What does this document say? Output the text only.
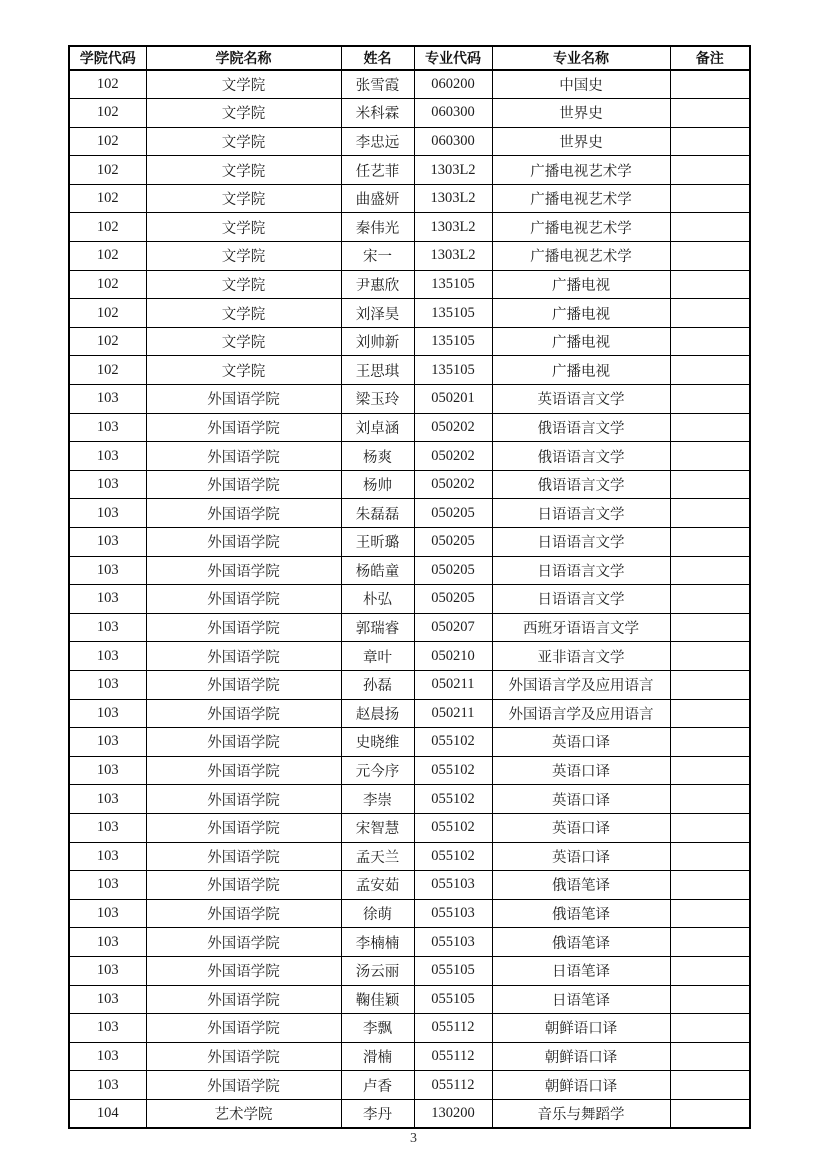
学院代码	学院名称	姓名	专业代码	专业名称	备注
102	文学院	张雪霞	060200	中国史	
102	文学院	米科霖	060300	世界史	
102	文学院	李忠远	060300	世界史	
102	文学院	任艺菲	1303L2	广播电视艺术学	
102	文学院	曲盛妍	1303L2	广播电视艺术学	
102	文学院	秦伟光	1303L2	广播电视艺术学	
102	文学院	宋一	1303L2	广播电视艺术学	
102	文学院	尹惠欣	135105	广播电视	
102	文学院	刘泽昊	135105	广播电视	
102	文学院	刘帅新	135105	广播电视	
102	文学院	王思琪	135105	广播电视	
103	外国语学院	梁玉玲	050201	英语语言文学	
103	外国语学院	刘卓涵	050202	俄语语言文学	
103	外国语学院	杨爽	050202	俄语语言文学	
103	外国语学院	杨帅	050202	俄语语言文学	
103	外国语学院	朱磊磊	050205	日语语言文学	
103	外国语学院	王昕璐	050205	日语语言文学	
103	外国语学院	杨皓童	050205	日语语言文学	
103	外国语学院	朴弘	050205	日语语言文学	
103	外国语学院	郭瑞睿	050207	西班牙语语言文学	
103	外国语学院	章叶	050210	亚非语言文学	
103	外国语学院	孙磊	050211	外国语言学及应用语言	
103	外国语学院	赵晨扬	050211	外国语言学及应用语言	
103	外国语学院	史晓维	055102	英语口译	
103	外国语学院	元今序	055102	英语口译	
103	外国语学院	李崇	055102	英语口译	
103	外国语学院	宋智慧	055102	英语口译	
103	外国语学院	孟天兰	055102	英语口译	
103	外国语学院	孟安茹	055103	俄语笔译	
103	外国语学院	徐萌	055103	俄语笔译	
103	外国语学院	李楠楠	055103	俄语笔译	
103	外国语学院	汤云丽	055105	日语笔译	
103	外国语学院	鞠佳颖	055105	日语笔译	
103	外国语学院	李飘	055112	朝鲜语口译	
103	外国语学院	滑楠	055112	朝鲜语口译	
103	外国语学院	卢香	055112	朝鲜语口译	
104	艺术学院	李丹	130200	音乐与舞蹈学	
3
